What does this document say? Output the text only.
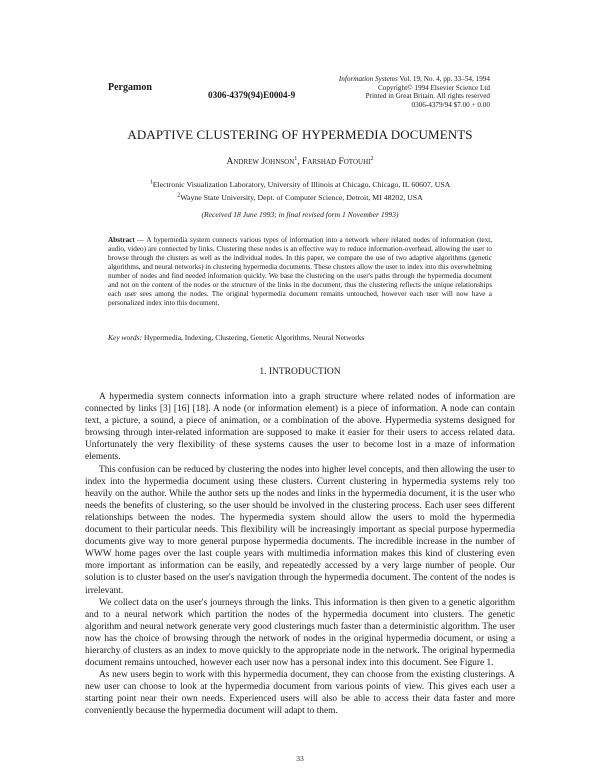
Pergamon
Information Systems Vol. 19, No. 4, pp. 33–54, 1994
Copyright© 1994 Elsevier Science Ltd
Printed in Great Britain. All rights reserved
0306-4379/94 $7.00 + 0.00
0306-4379(94)E0004-9
ADAPTIVE CLUSTERING OF HYPERMEDIA DOCUMENTS
Andrew Johnson$^1$, Farshad Fotouhi$^2$
$^1$Electronic Visualization Laboratory, University of Illinois at Chicago, Chicago, IL 60607, USA
$^2$Wayne State University, Dept. of Computer Science, Detroit, MI 48202, USA
(Received 18 June 1993; in final revised form 1 November 1993)
Abstract — A hypermedia system connects various types of information into a network where related nodes of information (text, audio, video) are connected by links. Clustering these nodes is an effective way to reduce information-overhead, allowing the user to browse through the clusters as well as the individual nodes. In this paper, we compare the use of two adaptive algorithms (genetic algorithms, and neural networks) in clustering hypermedia documents. These clusters allow the user to index into this overwhelming number of nodes and find needed information quickly. We base the clustering on the user's paths through the hypermedia document and not on the content of the nodes or the structure of the links in the document, thus the clustering reflects the unique relationships each user sees among the nodes. The original hypermedia document remains untouched, however each user will now have a personalized index into this document.
Key words: Hypermedia, Indexing, Clustering, Genetic Algorithms, Neural Networks
1. INTRODUCTION

A hypermedia system connects information into a graph structure where related nodes of information are connected by links [3] [16] [18]. A node (or information element) is a piece of information. A node can contain text, a picture, a sound, a piece of animation, or a combination of the above. Hypermedia systems designed for browsing through inter-related information are supposed to make it easier for their users to access related data. Unfortunately the very flexibility of these systems causes the user to become lost in a maze of information elements.

This confusion can be reduced by clustering the nodes into higher level concepts, and then allowing the user to index into the hypermedia document using these clusters. Current clustering in hypermedia systems rely too heavily on the author. While the author sets up the nodes and links in the hypermedia document, it is the user who needs the benefits of clustering, so the user should be involved in the clustering process. Each user sees different relationships between the nodes. The hypermedia system should allow the users to mold the hypermedia document to their particular needs. This flexibility will be increasingly important as special purpose hypermedia documents give way to more general purpose hypermedia documents. The incredible increase in the number of WWW home pages over the last couple years with multimedia information makes this kind of clustering even more important as information can be easily, and repeatedly accessed by a very large number of people. Our solution is to cluster based on the user's navigation through the hypermedia document. The content of the nodes is irrelevant.

We collect data on the user's journeys through the links. This information is then given to a genetic algorithm and to a neural network which partition the nodes of the hypermedia document into clusters. The genetic algorithm and neural network generate very good clusterings much faster than a deterministic algorithm. The user now has the choice of browsing through the network of nodes in the original hypermedia document, or using a hierarchy of clusters as an index to move quickly to the appropriate node in the network. The original hypermedia document remains untouched, however each user now has a personal index into this document. See Figure 1.

As new users begin to work with this hypermedia document, they can choose from the existing clusterings. A new user can choose to look at the hypermedia document from various points of view. This gives each user a starting point near their own needs. Experienced users will also be able to access their data faster and more conveniently because the hypermedia document will adapt to them.

33
